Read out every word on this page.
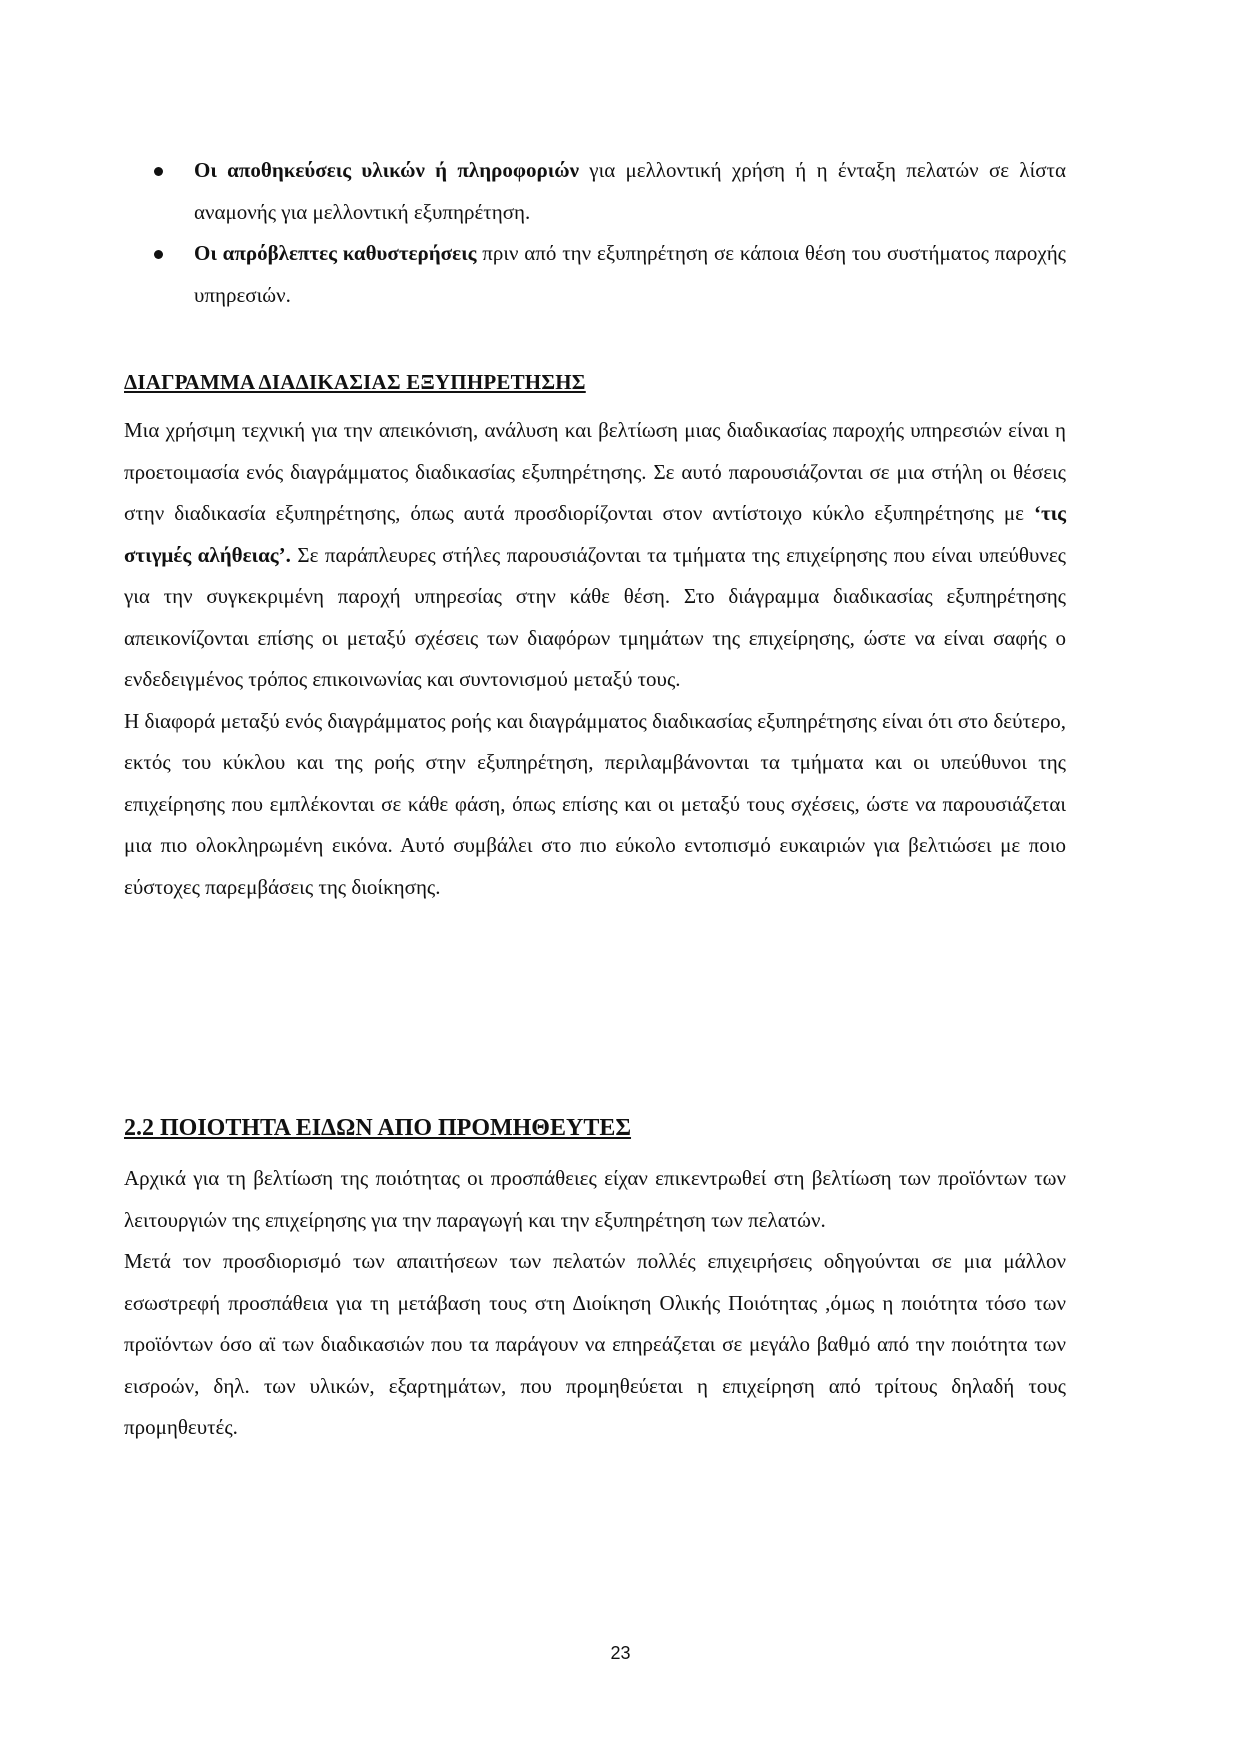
Οι αποθηκεύσεις υλικών ή πληροφοριών για μελλοντική χρήση ή η ένταξη πελατών σε λίστα αναμονής για μελλοντική εξυπηρέτηση.

Οι απρόβλεπτες καθυστερήσεις πριν από την εξυπηρέτηση σε κάποια θέση του συστήματος παροχής υπηρεσιών.

ΔΙΑΓΡΑΜΜΑ ΔΙΑΔΙΚΑΣΙΑΣ ΕΞΥΠΗΡΕΤΗΣΗΣ

Μια χρήσιμη τεχνική για την απεικόνιση, ανάλυση και βελτίωση μιας διαδικασίας παροχής υπηρεσιών είναι η προετοιμασία ενός διαγράμματος διαδικασίας εξυπηρέτησης. Σε αυτό παρουσιάζονται σε μια στήλη οι θέσεις στην διαδικασία εξυπηρέτησης, όπως αυτά προσδιορίζονται στον αντίστοιχο κύκλο εξυπηρέτησης με ‘τις στιγμές αλήθειας’. Σε παράπλευρες στήλες παρουσιάζονται τα τμήματα της επιχείρησης που είναι υπεύθυνες για την συγκεκριμένη παροχή υπηρεσίας στην κάθε θέση. Στο διάγραμμα διαδικασίας εξυπηρέτησης απεικονίζονται επίσης οι μεταξύ σχέσεις των διαφόρων τμημάτων της επιχείρησης, ώστε να είναι σαφής ο ενδεδειγμένος τρόπος επικοινωνίας και συντονισμού μεταξύ τους.

Η διαφορά μεταξύ ενός διαγράμματος ροής και διαγράμματος διαδικασίας εξυπηρέτησης είναι ότι στο δεύτερο, εκτός του κύκλου και της ροής στην εξυπηρέτηση, περιλαμβάνονται τα τμήματα και οι υπεύθυνοι της επιχείρησης που εμπλέκονται σε κάθε φάση, όπως επίσης και οι μεταξύ τους σχέσεις, ώστε να παρουσιάζεται μια πιο ολοκληρωμένη εικόνα. Αυτό συμβάλει στο πιο εύκολο εντοπισμό ευκαιριών για βελτιώσει με ποιο εύστοχες παρεμβάσεις της διοίκησης.

2.2 ΠΟΙΟΤΗΤΑ ΕΙΔΩΝ ΑΠΟ ΠΡΟΜΗΘΕΥΤΕΣ

Αρχικά για τη βελτίωση της ποιότητας οι προσπάθειες είχαν επικεντρωθεί στη βελτίωση των προϊόντων των λειτουργιών της επιχείρησης για την παραγωγή και την εξυπηρέτηση των πελατών.

Μετά τον προσδιορισμό των απαιτήσεων των πελατών πολλές επιχειρήσεις οδηγούνται σε μια μάλλον εσωστρεφή προσπάθεια για τη μετάβαση τους στη Διοίκηση Ολικής Ποιότητας ,όμως η ποιότητα τόσο των προϊόντων όσο αϊ των διαδικασιών που τα παράγουν να επηρεάζεται σε μεγάλο βαθμό από την ποιότητα των εισροών, δηλ. των υλικών, εξαρτημάτων, που προμηθεύεται η επιχείρηση από τρίτους δηλαδή τους προμηθευτές.

23
